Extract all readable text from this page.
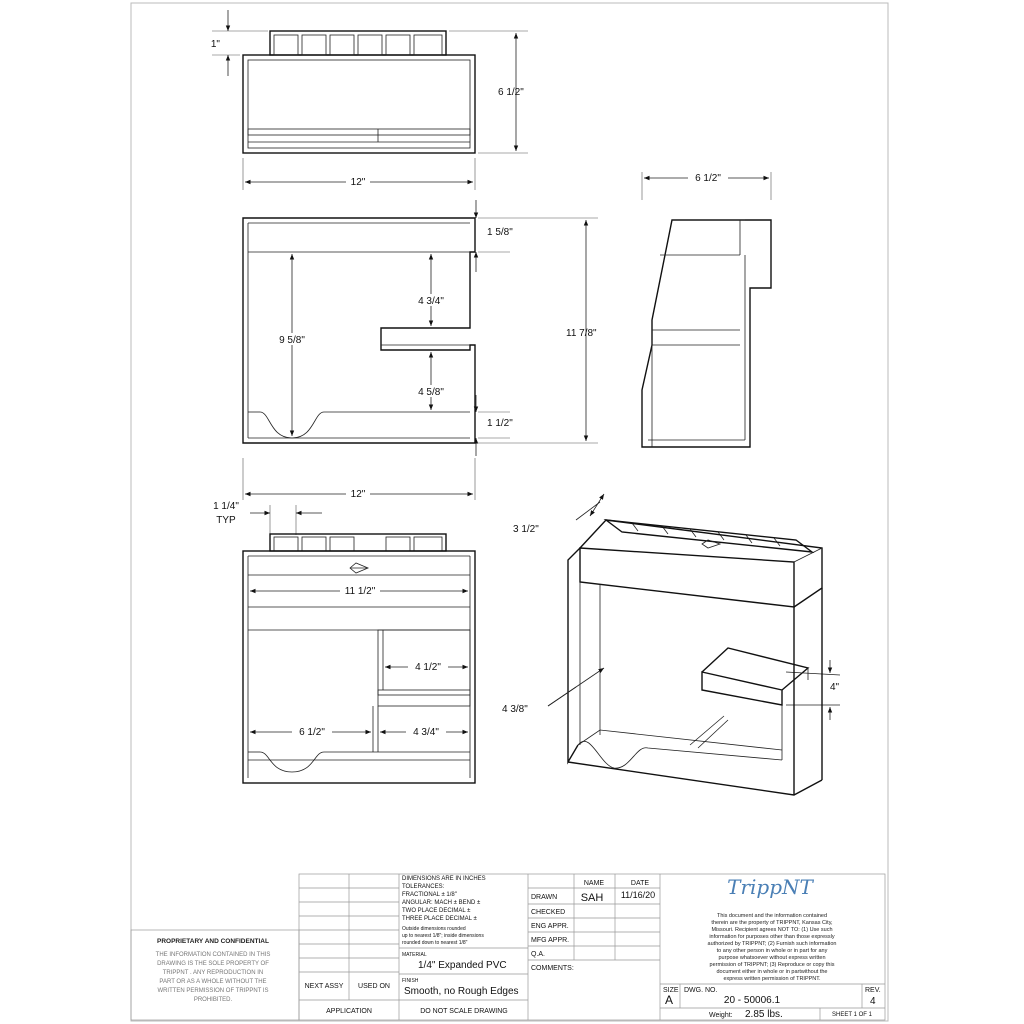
1"
6 1/2"
12"
1 5/8"
11 7/8"
4 3/4"
4 5/8"
9 5/8"
1 1/2"
6 1/2"
12"
1 1/4"
TYP
11 1/2"
4 1/2"
6 1/2"	4 3/4"
3 1/2"
4"
4 3/8"
DIMENSIONS ARE IN INCHES
TOLERANCES:
FRACTIONAL ± 1/8"
ANGULAR: MACH ± BEND ±
TWO PLACE DECIMAL ±
THREE PLACE DECIMAL ±
Outside dimensions rounded
up to nearest 1/8"; inside dimensions
rounded down to nearest 1/8"
MATERIAL
1/4" Expanded PVC
FINISH
Smooth, no Rough Edges
DO NOT SCALE DRAWING
NEXT ASSY USED ON
APPLICATION
NAME	DATE
DRAWN SAH 11/16/20
CHECKED
ENG APPR.
MFG APPR.
Q.A.
COMMENTS:
TrippNT
This document and the information contained
therein are the property of TRIPPNT, Kansas City,
Missouri. Recipient agrees NOT TO: (1) Use such
information for purposes other than those expressly
authorized by TRIPPNT; (2) Furnish such information
to any other person in whole or in part for any
purpose whatsoever without express written
permission of TRIPPNT; (3) Reproduce or copy this
document either in whole or in partwithout the
express written permission of TRIPPNT.
SIZE
A
DWG. NO.
20 - 50006.1
REV.
4
Weight: 2.85 lbs.	SHEET 1 OF 1
PROPRIETARY AND CONFIDENTIAL
THE INFORMATION CONTAINED IN THIS
DRAWING IS THE SOLE PROPERTY OF
TRIPPNT . ANY REPRODUCTION IN
PART OR AS A WHOLE WITHOUT THE
WRITTEN PERMISSION OF TRIPPNT IS
PROHIBITED.
